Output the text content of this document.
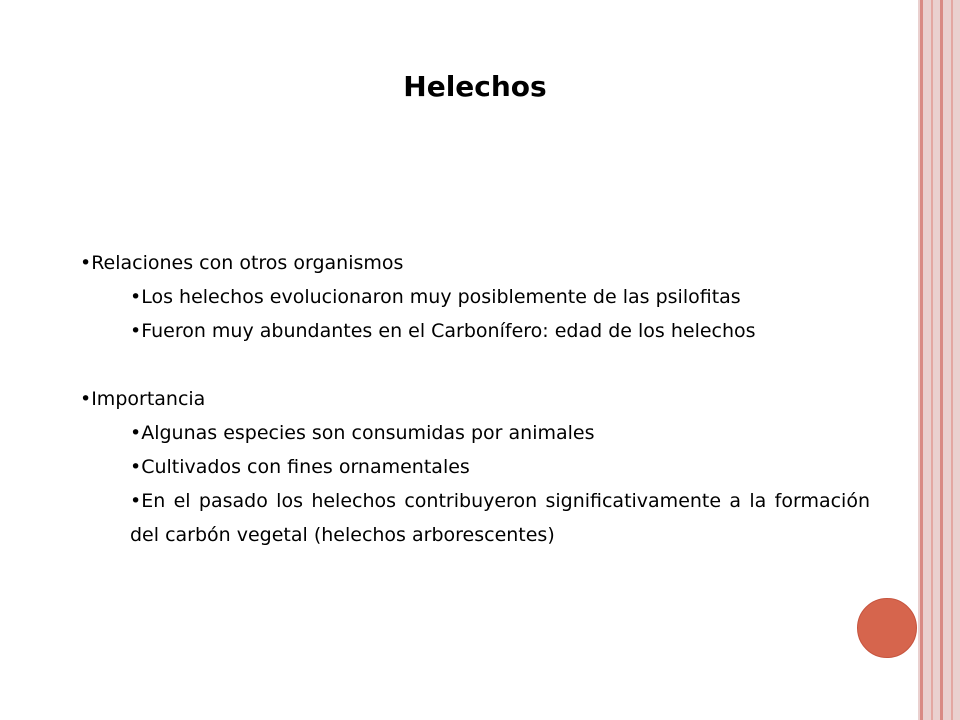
Helechos

•Relaciones con otros organismos

•Los helechos evolucionaron muy posiblemente de las psilofitas

•Fueron muy abundantes en el Carbonífero: edad de los helechos

•Importancia

•Algunas especies son consumidas por animales

•Cultivados con fines ornamentales

•En el pasado los helechos contribuyeron significativamente a la formación del carbón vegetal (helechos arborescentes)
